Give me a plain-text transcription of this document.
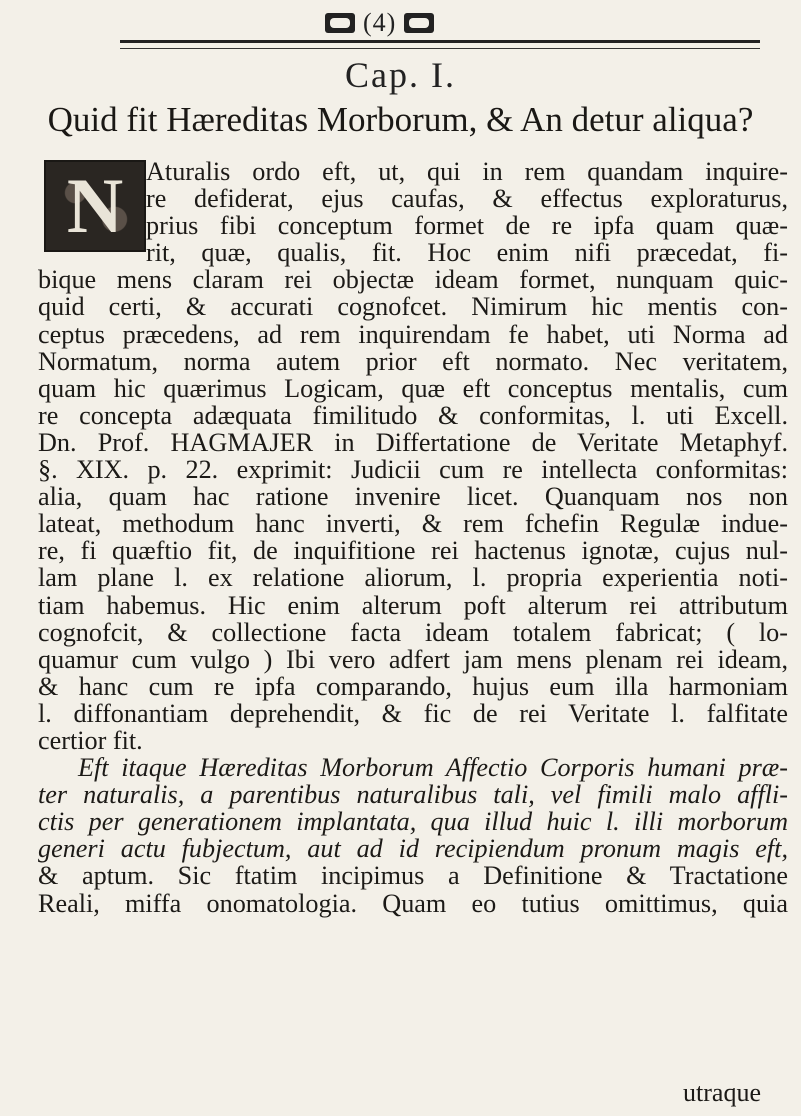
(4)
Cap. I.
Quid fit Hæreditas Morborum, & An detur aliqua?
N Aturalis ordo eft, ut, qui in rem quandam inquire-
re defiderat, ejus caufas, & effectus exploraturus,
prius fibi conceptum formet de re ipfa quam quæ-
rit, quæ, qualis, fit. Hoc enim nifi præcedat, fi-
bique mens claram rei objectæ ideam formet, nunquam quic-
quid certi, & accurati cognofcet. Nimirum hic mentis con-
ceptus præcedens, ad rem inquirendam fe habet, uti Norma ad
Normatum, norma autem prior eft normato. Nec veritatem,
quam hic quærimus Logicam, quæ eft conceptus mentalis, cum
re concepta adæquata fimilitudo & conformitas, l. uti Excell.
Dn. Prof. HAGMAJER in Differtatione de Veritate Metaphyf.
§. XIX. p. 22. exprimit: Judicii cum re intellecta conformitas:
alia, quam hac ratione invenire licet. Quanquam nos non
lateat, methodum hanc inverti, & rem fchefin Regulæ indue-
re, fi quæftio fit, de inquifitione rei hactenus ignotæ, cujus nul-
lam plane l. ex relatione aliorum, l. propria experientia noti-
tiam habemus. Hic enim alterum poft alterum rei attributum
cognofcit, & collectione facta ideam totalem fabricat; ( lo-
quamur cum vulgo ) Ibi vero adfert jam mens plenam rei ideam,
& hanc cum re ipfa comparando, hujus eum illa harmoniam
l. diffonantiam deprehendit, & fic de rei Veritate l. falfitate
certior fit.
Eft itaque Hæreditas Morborum Affectio Corporis humani præ-
ter naturalis, a parentibus naturalibus tali, vel fimili malo affli-
ctis per generationem implantata, qua illud huic l. illi morborum
generi actu fubjectum, aut ad id recipiendum pronum magis eft,
& aptum. Sic ftatim incipimus a Definitione & Tractatione
Reali, miffa onomatologia. Quam eo tutius omittimus, quia
utraque
